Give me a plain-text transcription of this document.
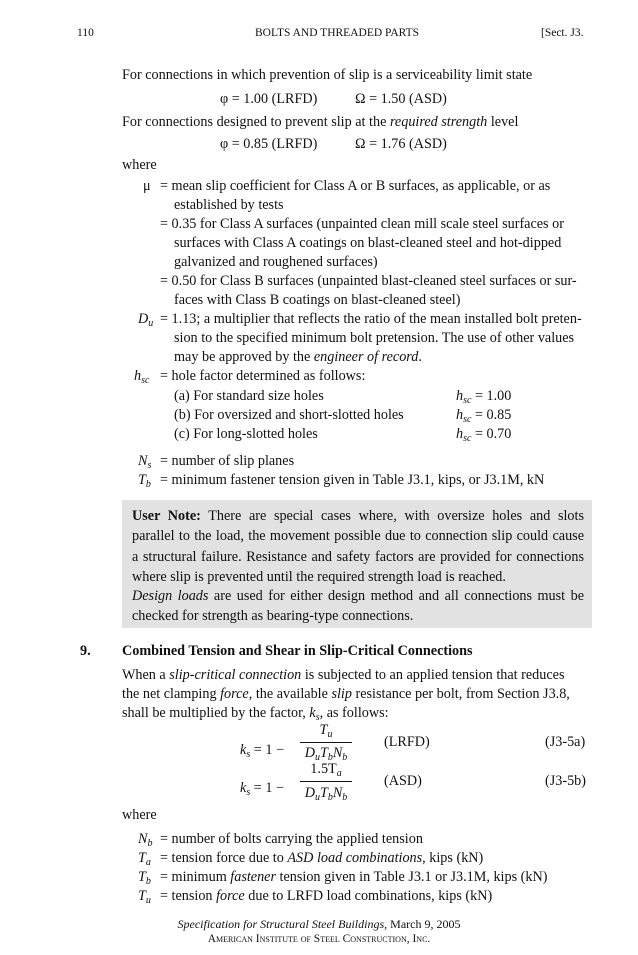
110	BOLTS AND THREADED PARTS	[Sect. J3.
For connections in which prevention of slip is a serviceability limit state
φ = 1.00 (LRFD)	Ω = 1.50 (ASD)
For connections designed to prevent slip at the required strength level
φ = 0.85 (LRFD)	Ω = 1.76 (ASD)
where
μ = mean slip coefficient for Class A or B surfaces, as applicable, or as
established by tests
= 0.35 for Class A surfaces (unpainted clean mill scale steel surfaces or
surfaces with Class A coatings on blast-cleaned steel and hot-dipped
galvanized and roughened surfaces)
= 0.50 for Class B surfaces (unpainted blast-cleaned steel surfaces or sur-
faces with Class B coatings on blast-cleaned steel)
$D_u = 1.13$; a multiplier that reflects the ratio of the mean installed bolt preten-
sion to the specified minimum bolt pretension. The use of other values
may be approved by the engineer of record.
$h_{sc}$ = hole factor determined as follows:
(a) For standard size holes	$h_{sc} = 1.00$
(b) For oversized and short-slotted holes	$h_{sc} = 0.85$
(c) For long-slotted holes	$h_{sc} = 0.70$
$N_s$ = number of slip planes
$T_b$ = minimum fastener tension given in Table J3.1, kips, or J3.1M, kN

User Note: There are special cases where, with oversize holes and slots parallel to the load, the movement possible due to connection slip could cause a structural failure. Resistance and safety factors are provided for connections where slip is prevented until the required strength load is reached.

Design loads are used for either design method and all connections must be checked for strength as bearing-type connections.

9. Combined Tension and Shear in Slip-Critical Connections
When a slip-critical connection is subjected to an applied tension that reduces
the net clamping force, the available slip resistance per bolt, from Section J3.8,
shall be multiplied by the factor, $k_s$, as follows:
$k_s = 1$ −
$T_u$
$D_uT_bN_b$
(LRFD)	(J3-5a)
$k_s = 1$ −
$1.5T_a$
$D_uT_bN_b$
(ASD)	(J3-5b)
where
$N_b$ = number of bolts carrying the applied tension
$T_a$ = tension force due to ASD load combinations, kips (kN)
$T_b$ = minimum fastener tension given in Table J3.1 or J3.1M, kips (kN)
$T_u$ = tension force due to LRFD load combinations, kips (kN)
Specification for Structural Steel Buildings, March 9, 2005
American Institute of Steel Construction, Inc.
